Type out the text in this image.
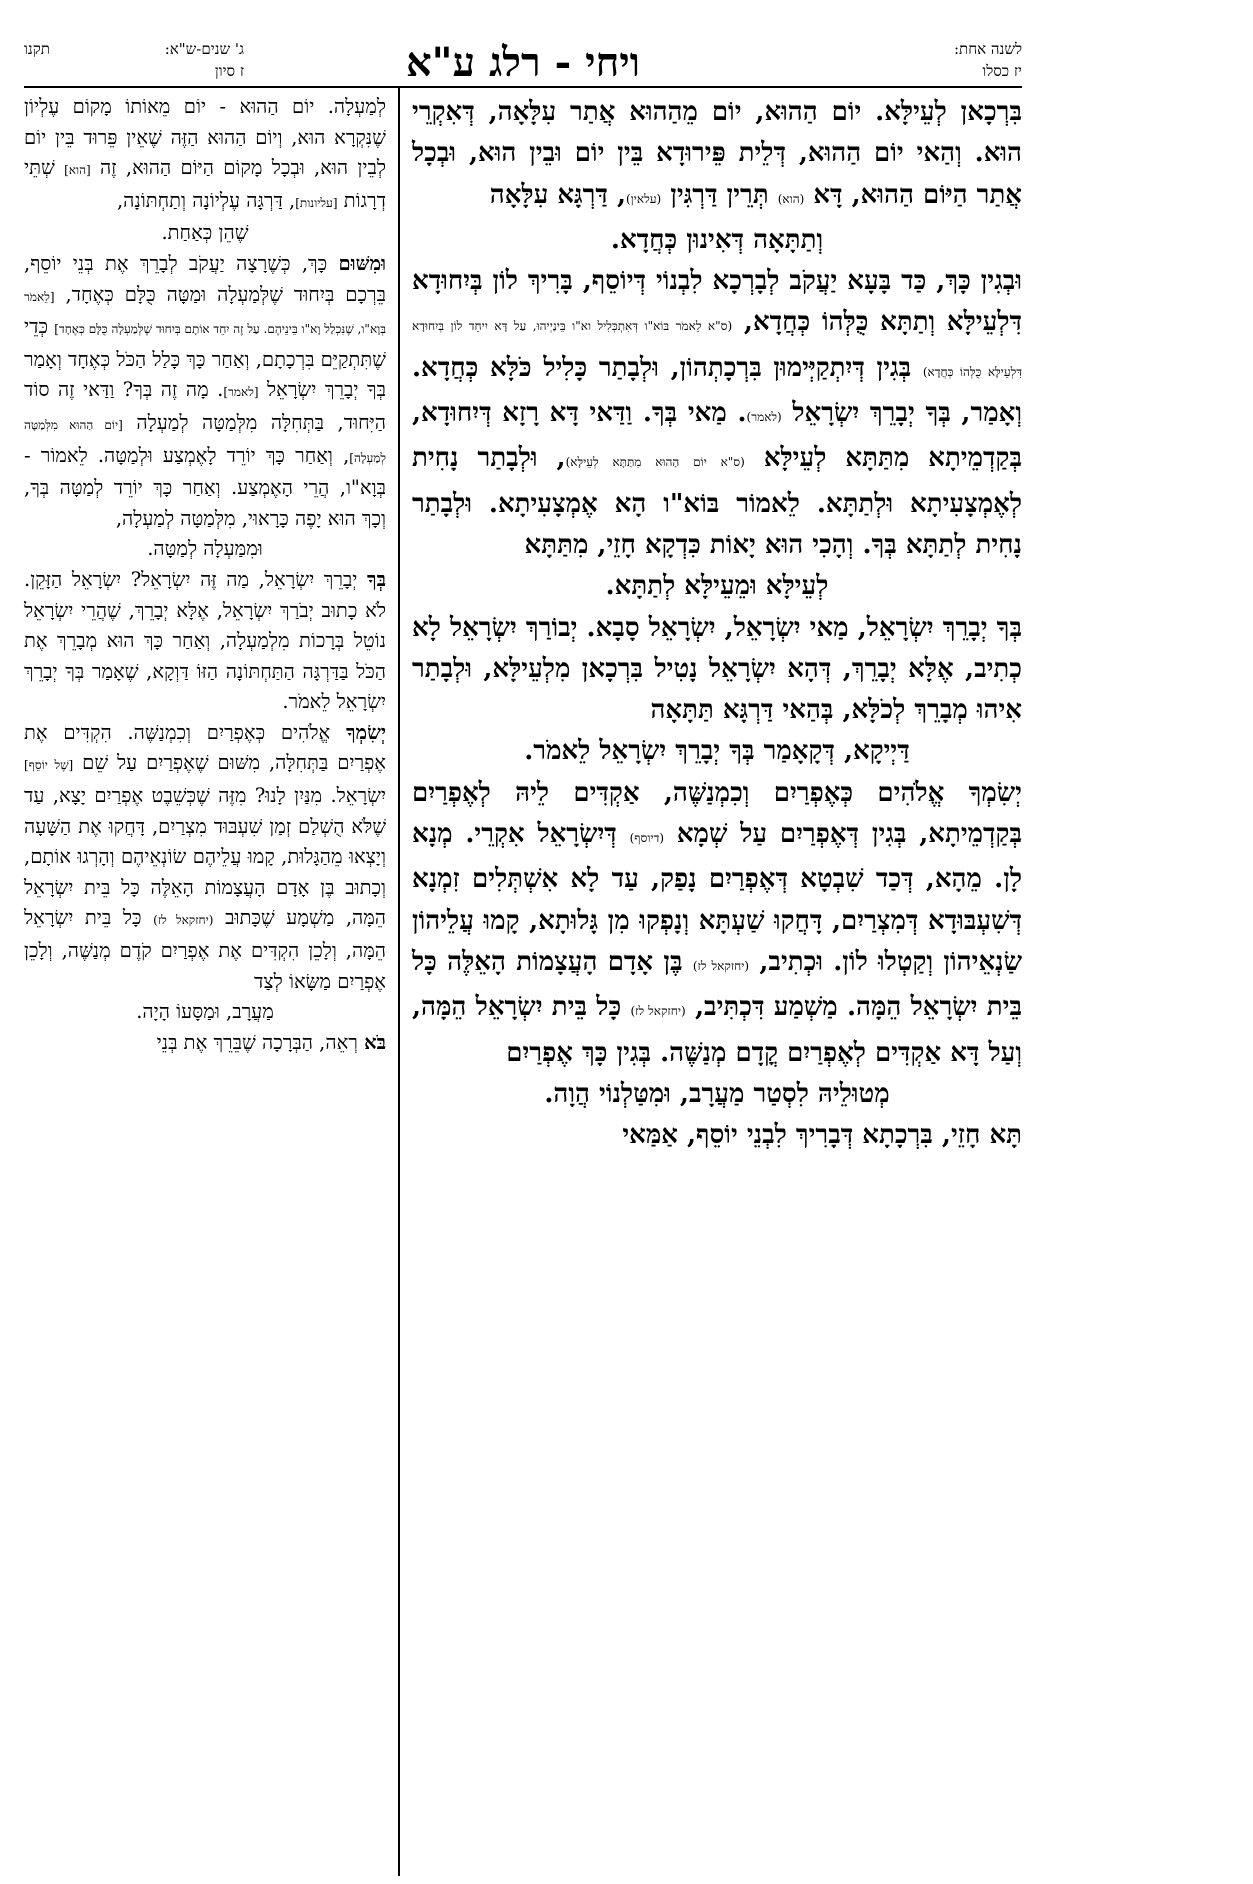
לשנה אחת:
יז כסלו
ויחי - רלג ע"א
ג' שנים-ש"א:
תקנו
ז סיון

בִּרְכָאן לְעֵילָּא. יוֹם הַהוּא, יוֹם מֵהַהוּא אֲתַר עִלָּאָה, דְּאִקְרֵי הוּא. וְהַאי יוֹם הַהוּא, דְּלֵית פֵּירוּדָא בֵּין יוֹם וּבֵין הוּא, וּבְכָל אֲתַר הַיּוֹם הַהוּא, דָּא (הוא) תְּרֵין דַּרְגִּין (עלאין), דַּרְגָּא עִלָּאָה

וְתַתָּאָה דְּאִינוּן כְּחֲדָא.

וּבְגִין כָּךְ, כַּד בָּעָא יַעֲקֹב לְבָרְכָא לִבְנוֹי דְּיוֹסֵף, בָּרִיךְ לוֹן בְּיִחוּדָא דִּלְעֵילָּא וְתַתָּא כֻּלְּהוֹ כְּחֲדָא, (ס"א לֵאמֹר בּוֹא"ו דְּאִתְכְּלִיל וא"ו בֵּינַיְיהוּ, עַל דָּא יִיחֵד לוֹן בְּיִחוּדָא דִּלְעֵילָּא כֻּלְּהוֹ כְּחֲדָא) בְּגִין דְּיִתְקַיְּימוּן בִּרְכָתְהוֹן, וּלְבָתַר כָּלִיל כֹּלָּא כְּחֲדָא. וְאָמַר, בְּךָ יְבָרֵךְ יִשְׂרָאֵל (לאמר). מַאי בְּךָ. וַדַּאי דָּא רָזָא דְּיִחוּדָא, בְּקַדְמֵיתָא מִתַּתָּא לְעֵילָּא (ס"א יוֹם הַהוּא מִתַּתָּא לְעֵילָּא), וּלְבָתַר נָחִית לְאֶמְצָעִיתָא וּלְתַתָּא. לֵאמוֹר בּוֹא"ו הָא אֶמְצָעִיתָא. וּלְבָתַר נָחִית לְתַתָּא בְּךָ. וְהָכִי הוּא יָאוֹת כִּדְקָא חָזֵי, מִתַּתָּא

לְעֵילָּא וּמֵעֵילָּא לְתַתָּא.

בְּךָ יְבָרֵךְ יִשְׂרָאֵל, מַאי יִשְׂרָאֵל, יִשְׂרָאֵל סָבָא. יְבוֹרַךְ יִשְׂרָאֵל לָא כְתִיב, אֶלָּא יְבָרֵךְ, דְּהָא יִשְׂרָאֵל נָטִיל בִּרְכָאן מִלְעֵילָּא, וּלְבָתַר אִיהוּ מְבָרֵךְ לְכֹלָּא, בְּהַאי דַּרְגָּא תַּתָּאָה

דַּיְיקָא, דְּקָאָמַר בְּךָ יְבָרֵךְ יִשְׂרָאֵל לֵאמֹר.

יְשִׂמְךָ אֱלֹהִים כְּאֶפְרַיִם וְכִמְנַשֶּׁה, אַקְדִּים לֵיהּ לְאֶפְרַיִם בְּקַדְמֵיתָא, בְּגִין דְּאֶפְרַיִם עַל שְׁמָא (דיוסף) דְּיִשְׂרָאֵל אִקְרֵי. מְנָא לָן. מֵהָא, דְּכַד שִׁבְטָא דְּאֶפְרַיִם נָפַק, עַד לָא אִשְׁתְּלִים זִמְנָא דְּשִׁעְבּוּדָא דְּמִצְרַיִם, דָּחֲקוּ שַׁעְתָּא וְנָפְקוּ מִן גָּלוּתָא, קָמוּ עֲלֵיהוֹן שַׂנְאֵיהוֹן וְקַטְלוּ לוֹן. וּכְתִיב, (יחזקאל לז) בֶּן אָדָם הָעֲצָמוֹת הָאֵלֶּה כָּל בֵּית יִשְׂרָאֵל הֵמָּה. מַשְׁמַע דִּכְתִּיב, (יחזקאל לז) כָּל בֵּית יִשְׂרָאֵל הֵמָּה, וְעַל דָּא אַקְדִּים לְאֶפְרַיִם קֳדָם מְנַשֶּׁה. בְּגִין כָּךְ אֶפְרַיִם

מְטוּלֵיהּ לִסְטַר מַעֲרָב, וּמִטַּלְנוֹי הֲוָה.

תָּא חָזֵי, בִּרְכָתָא דְּבָרִיךְ לִבְנֵי יוֹסֵף, אַמַּאי

לְמַעְלָה. יוֹם הַהוּא - יוֹם מֵאוֹתוֹ מָקוֹם עֶלְיוֹן שֶׁנִּקְרָא הוּא, וְיוֹם הַהוּא הַזֶּה שֶׁאֵין פֵּרוּד בֵּין יוֹם לְבֵין הוּא, וּבְכָל מָקוֹם הַיּוֹם הַהוּא, זֶה [הוא] שְׁתֵּי דְרָגוֹת [עליונות], דַּרְגָּה עֶלְיוֹנָה וְתַחְתּוֹנָה,

שֶׁהֵן כְּאַחַת.

וּמִשּׁוּם כָּךְ, כְּשֶׁרָצָה יַעֲקֹב לְבָרֵךְ אֶת בְּנֵי יוֹסֵף, בֵּרְכָם בְּיִחוּד שֶׁלְּמַעְלָה וּמַטָּה כֻּלָּם כְּאֶחָד, [לֵאמֹר בְּוָא"ו, שֶׁנִּכְלַל וָא"ו בֵּינֵיהֶם. עַל זֶה יִחֵד אוֹתָם בְּיִחוּד שֶׁלְּמַעְלָה כֻּלָּם כְּאֶחָד] כְּדֵי שֶׁתִּתְקַיֵּם בִּרְכָתָם, וְאַחַר כָּךְ כָּלַל הַכֹּל כְּאֶחָד וְאָמַר בְּךָ יְבָרֵךְ יִשְׂרָאֵל [לאמר]. מָה זֶה בְּךָ? וַדַּאי זֶה סוֹד הַיִּחוּד, בַּתְּחִלָּה מִלְּמַטָּה לְמַעְלָה [יוֹם הַהוּא מִלְּמַטָּה לְמַעְלָה], וְאַחַר כָּךְ יוֹרֵד לָאֶמְצַע וּלְמַטָּה. לֵאמוֹר - בְּוָא"ו, הֲרֵי הָאֶמְצַע. וְאַחַר כָּךְ יוֹרֵד לְמַטָּה בְּךָ, וְכָךְ הוּא יָפֶה כָּרָאוּי, מִלְּמַטָּה לְמַעְלָה,

וּמִמַּעְלָה לְמַטָּה.

בְּךָ יְבָרֵךְ יִשְׂרָאֵל, מַה זֶּה יִשְׂרָאֵל? יִשְׂרָאֵל הַזָּקֵן. לֹא כָתוּב יְבֹרַךְ יִשְׂרָאֵל, אֶלָּא יְבָרֵךְ, שֶׁהֲרֵי יִשְׂרָאֵל נוֹטֵל בְּרָכוֹת מִלְמַעְלָה, וְאַחַר כָּךְ הוּא מְבָרֵךְ אֶת הַכֹּל בַּדַּרְגָּה הַתַּחְתּוֹנָה הַזּוֹ דַּוְקָא, שֶׁאָמַר בְּךָ יְבָרֵךְ יִשְׂרָאֵל לֵאמֹר.

יְשִׂמְךָ אֱלֹהִים כְּאֶפְרַיִם וְכִמְנַשֶּׁה. הִקְדִּים אֶת אֶפְרַיִם בַּתְּחִלָּה, מִשּׁוּם שֶׁאֶפְרַיִם עַל שֵׁם [שֶׁל יוֹסֵף] יִשְׂרָאֵל. מִנַּיִן לָנוּ? מִזֶּה שֶׁכְּשֵׁבֶט אֶפְרַיִם יָצָא, עַד שֶׁלֹּא הֻשְׁלַם זְמַן שִׁעְבּוּד מִצְרַיִם, דָּחֲקוּ אֶת הַשָּׁעָה וְיָצְאוּ מֵהַגָּלוּת, קָמוּ עֲלֵיהֶם שׂוֹנְאֵיהֶם וְהָרְגוּ אוֹתָם, וְכָתוּב בֶּן אָדָם הָעֲצָמוֹת הָאֵלֶּה כָּל בֵּית יִשְׂרָאֵל הֵמָּה, מַשְׁמָע שֶׁכָּתוּב (יחזקאל לז) כָּל בֵּית יִשְׂרָאֵל הֵמָּה, וְלָכֵן הִקְדִּים אֶת אֶפְרַיִם קֹדֶם מְנַשֶּׁה, וְלָכֵן אֶפְרַיִם מַשָּׂאוֹ לְצַד

מַעֲרָב, וּמַסָּעוֹ הָיָה.

בֹּא רְאֵה, הַבְּרָכָה שֶׁבֵּרֵךְ אֶת בְּנֵי
